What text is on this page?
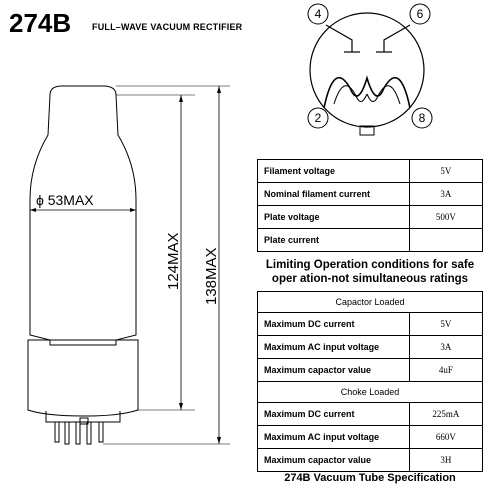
274B FULL–WAVE VACUUM RECTIFIER
ϕ 53MAX
124MAX 138MAX
4	6
2	8
Filament voltage	5V
Nominal filament current	3A
Plate voltage	500V
Plate current	
Limiting Operation conditions for safe
oper ation-not simultaneous ratings
Capactor Loaded	
Maximum DC current	5V
Maximum AC input voltage	3A
Maximum capactor value	4uF
Choke Loaded	
Maximum DC current	225mA
Maximum AC input voltage	660V
Maximum capactor value	3H
274B Vacuum Tube Specification
